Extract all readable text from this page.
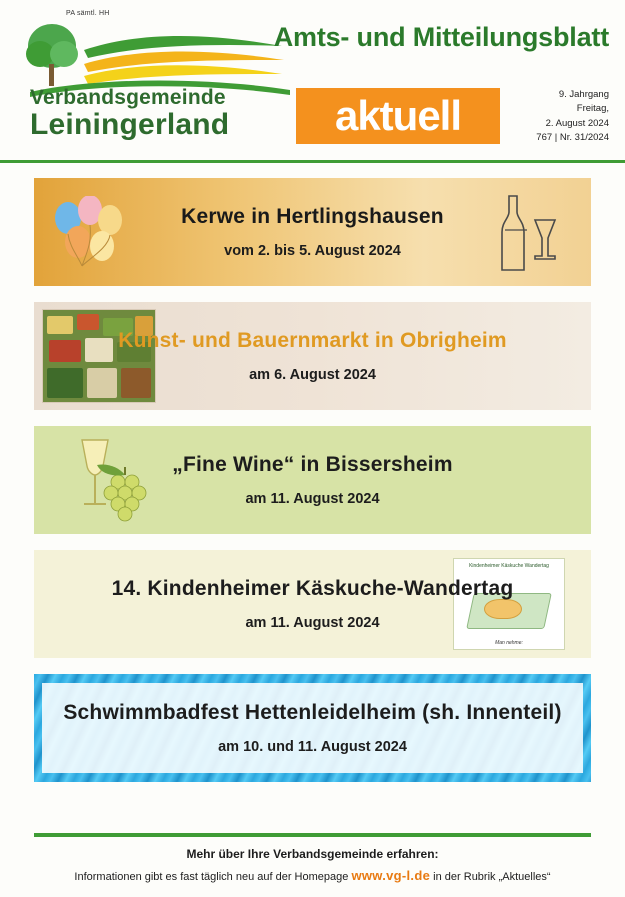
PA sämtl. HH
Verbandsgemeinde
Leiningerland
Amts- und Mitteilungsblatt
aktuell	9. Jahrgang
Freitag,
2. August 2024
767 | Nr. 31/2024
Kerwe in Hertlingshausen
vom 2. bis 5. August 2024
Kunst- und Bauernmarkt in Obrigheim
am 6. August 2024
„Fine Wine“ in Bissersheim
am 11. August 2024
Kindenheimer Käskuche Wandertag
Man nehme:
14. Kindenheimer Käskuche-Wandertag
am 11. August 2024
Schwimmbadfest Hettenleidelheim (sh. Innenteil)
am 10. und 11. August 2024
Mehr über Ihre Verbandsgemeinde erfahren:
Informationen gibt es fast täglich neu auf der Homepage www.vg-l.de in der Rubrik „Aktuelles“
